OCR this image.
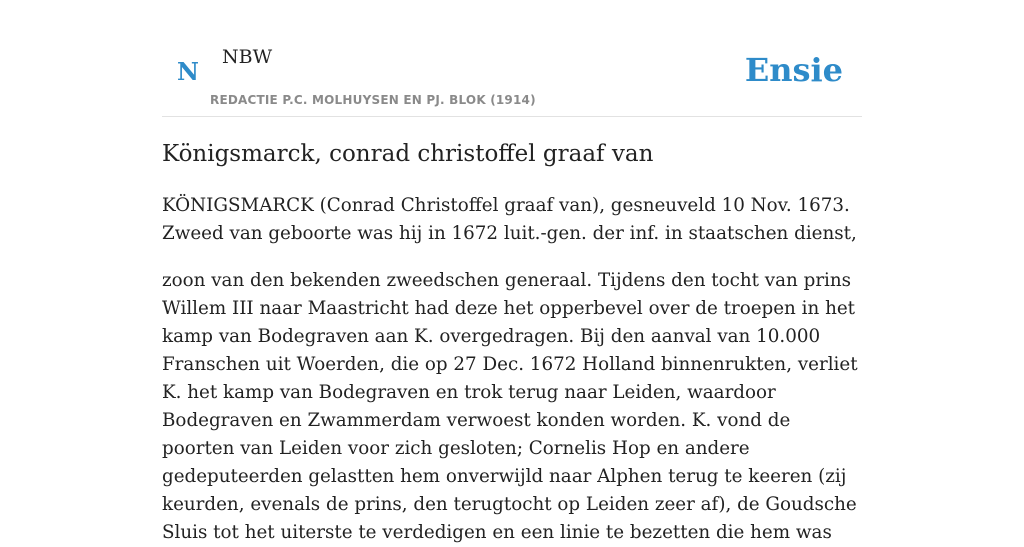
N NBW
REDACTIE P.C. MOLHUYSEN EN PJ. BLOK (1914)
Ensie
Königsmarck, conrad christoffel graaf van

KÖNIGSMARCK (Conrad Christoffel graaf van), gesneuveld 10 Nov. 1673. Zweed van geboorte was hij in 1672 luit.-gen. der inf. in staatschen dienst,

zoon van den bekenden zweedschen generaal. Tijdens den tocht van prins Willem III naar Maastricht had deze het opperbevel over de troepen in het kamp van Bodegraven aan K. overgedragen. Bij den aanval van 10.000 Franschen uit Woerden, die op 27 Dec. 1672 Holland binnenrukten, verliet K. het kamp van Bodegraven en trok terug naar Leiden, waardoor Bodegraven en Zwammerdam verwoest konden worden. K. vond de poorten van Leiden voor zich gesloten; Cornelis Hop en andere gedeputeerden gelastten hem onverwijld naar Alphen terug te keeren (zij keurden, evenals de prins, den terugtocht op Leiden zeer af), de Goudsche Sluis tot het uiterste te verdedigen en een linie te bezetten die hem was
